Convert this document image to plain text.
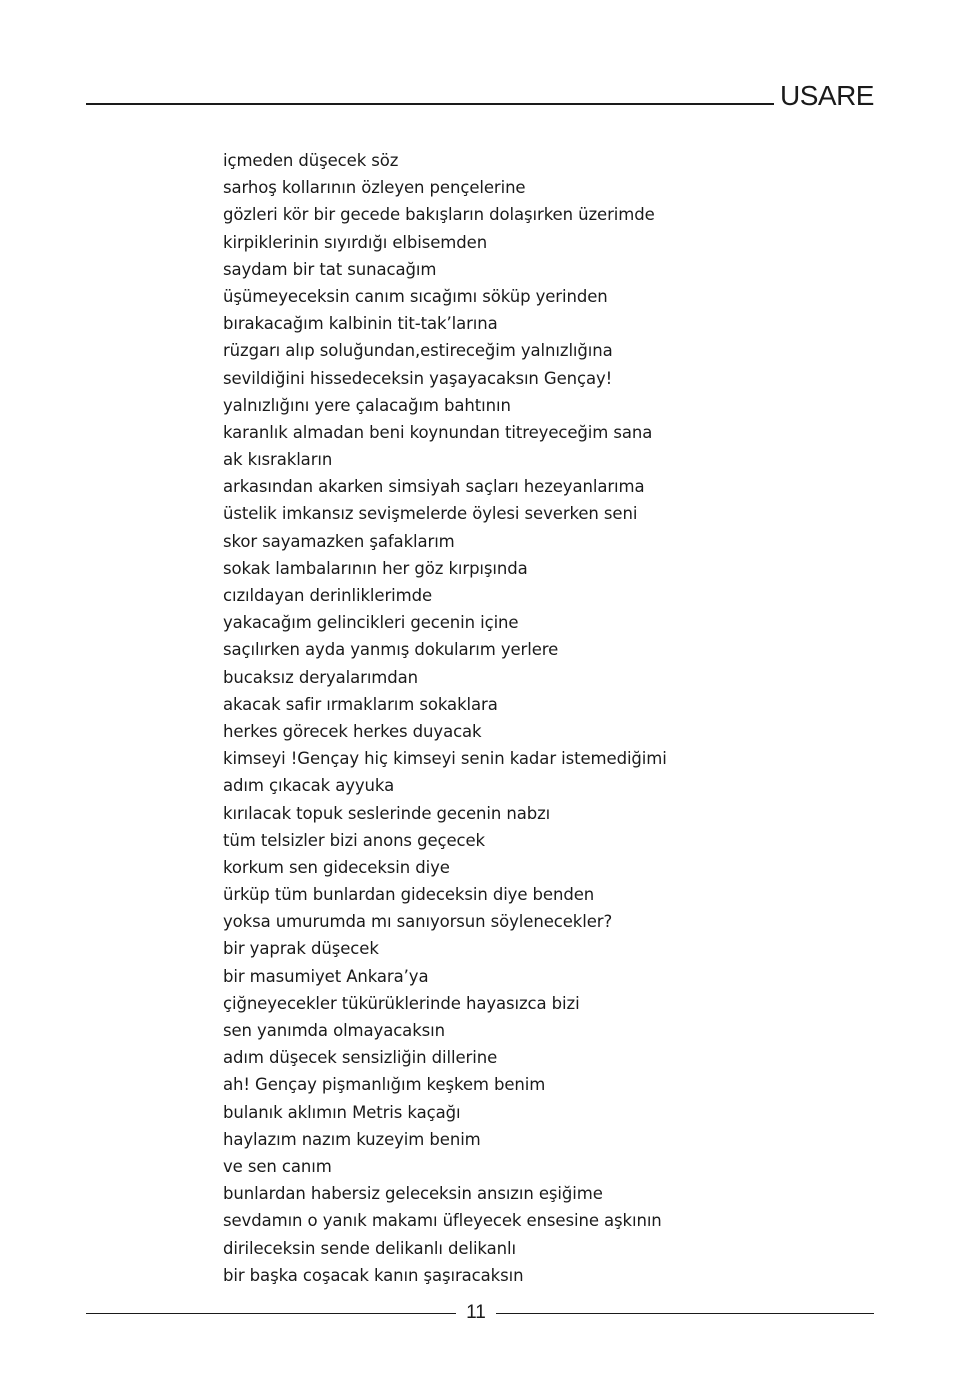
USARE
içmeden düşecek söz
sarhoş kollarının özleyen pençelerine
gözleri kör bir gecede bakışların dolaşırken üzerimde
kirpiklerinin sıyırdığı elbisemden
saydam bir tat sunacağım
üşümeyeceksin canım sıcağımı söküp yerinden
bırakacağım kalbinin tit-tak’larına
rüzgarı alıp soluğundan,estireceğim yalnızlığına
sevildiğini hissedeceksin yaşayacaksın Gençay!
yalnızlığını yere çalacağım bahtının
karanlık almadan beni koynundan titreyeceğim sana
ak kısrakların
arkasından akarken simsiyah saçları hezeyanlarıma
üstelik imkansız sevişmelerde öylesi severken seni
skor sayamazken şafaklarım
sokak lambalarının her göz kırpışında
cızıldayan derinliklerimde
yakacağım gelincikleri gecenin içine
saçılırken ayda yanmış dokularım yerlere
bucaksız deryalarımdan
akacak safir ırmaklarım sokaklara
herkes görecek herkes duyacak
kimseyi !Gençay hiç kimseyi senin kadar istemediğimi
adım çıkacak ayyuka
kırılacak topuk seslerinde gecenin nabzı
tüm telsizler bizi anons geçecek
korkum sen gideceksin diye
ürküp tüm bunlardan gideceksin diye benden
yoksa umurumda mı sanıyorsun söylenecekler?
bir yaprak düşecek
bir masumiyet Ankara’ya
çiğneyecekler tükürüklerinde hayasızca bizi
sen yanımda olmayacaksın
adım düşecek sensizliğin dillerine
ah! Gençay pişmanlığım keşkem benim
bulanık aklımın Metris kaçağı
haylazım nazım kuzeyim benim
ve sen canım
bunlardan habersiz geleceksin ansızın eşiğime
sevdamın o yanık makamı üfleyecek ensesine aşkının
dirileceksin sende delikanlı delikanlı
bir başka coşacak kanın şaşıracaksın
11
